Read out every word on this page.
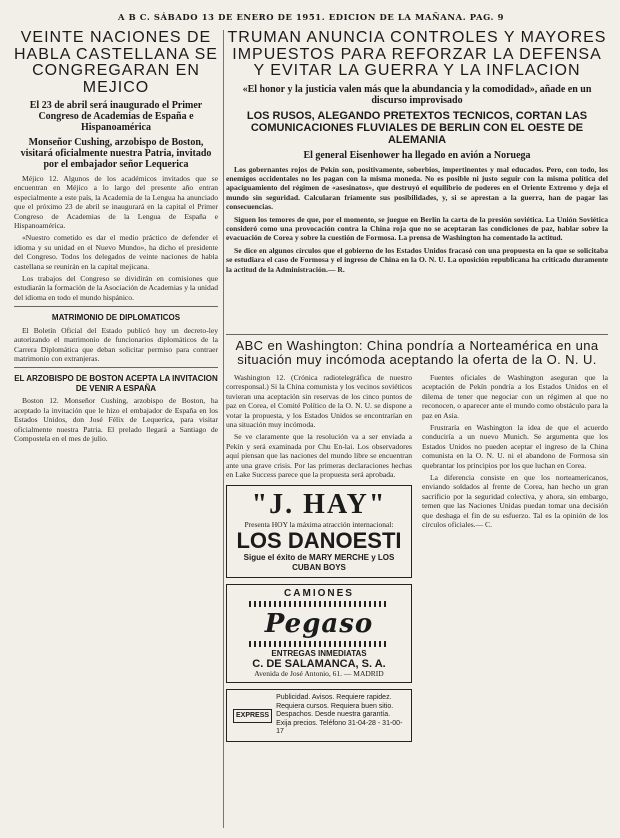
A B C. SÁBADO 13 DE ENERO DE 1951. EDICION DE LA MAÑANA. PAG. 9
VEINTE NACIONES DE HABLA CASTELLANA SE CONGREGARAN EN MEJICO
El 23 de abril será inaugurado el Primer Congreso de Academias de España e Hispanoamérica
Monseñor Cushing, arzobispo de Boston, visitará oficialmente nuestra Patria, invitado por el embajador señor Lequerica

Méjico 12. Algunos de los académicos invitados que se encuentran en Méjico a lo largo del presente año entran especialmente a este país, la Academia de la Lengua ha anunciado que el próximo 23 de abril se inaugurará en la capital el Primer Congreso de Academias de la Lengua de España e Hispanoamérica.

«Nuestro cometido es dar el medio práctico de defender el idioma y su unidad en el Nuevo Mundo», ha dicho el presidente del Congreso. Todos los delegados de veinte naciones de habla castellana se reunirán en la capital mejicana.

Los trabajos del Congreso se dividirán en comisiones que estudiarán la formación de la Asociación de Academias y la unidad del idioma en todo el mundo hispánico.

MATRIMONIO DE DIPLOMATICOS

El Boletín Oficial del Estado publicó hoy un decreto-ley autorizando el matrimonio de funcionarios diplomáticos de la Carrera Diplomática que deban solicitar permiso para contraer matrimonio con extranjeras.

EL ARZOBISPO DE BOSTON ACEPTA LA INVITACION DE VENIR A ESPAÑA

Boston 12. Monseñor Cushing, arzobispo de Boston, ha aceptado la invitación que le hizo el embajador de España en los Estados Unidos, don José Félix de Lequerica, para visitar oficialmente nuestra Patria. El prelado llegará a Santiago de Compostela en el mes de julio.

TRUMAN ANUNCIA CONTROLES Y MAYORES IMPUESTOS PARA REFORZAR LA DEFENSA Y EVITAR LA GUERRA Y LA INFLACION
«El honor y la justicia valen más que la abundancia y la comodidad», añade en un discurso improvisado
LOS RUSOS, ALEGANDO PRETEXTOS TECNICOS, CORTAN LAS COMUNICACIONES FLUVIALES DE BERLIN CON EL OESTE DE ALEMANIA
El general Eisenhower ha llegado en avión a Noruega

Los gobernantes rojos de Pekín son, positivamente, soberbios, impertinentes y mal educados. Pero, con todo, los enemigos occidentales no les pagan con la misma moneda. No es posible ni justo seguir con la misma política del apaciguamiento del régimen de «asesinatos», que destruyó el equilibrio de poderes en el Oriente Extremo y deja el mundo sin seguridad. Calcularan fríamente sus posibilidades, y, si se aprestan a la guerra, han de pagar las consecuencias.

Siguen los temores de que, por el momento, se juegue en Berlín la carta de la presión soviética. La Unión Soviética consideró como una provocación contra la China roja que no se aceptaran las condiciones de paz, hablar sobre la evacuación de Corea y sobre la cuestión de Formosa. La prensa de Washington ha comentado la actitud.

Se dice en algunos círculos que el gobierno de los Estados Unidos fracasó con una propuesta en la que se solicitaba se estudiara el caso de Formosa y el ingreso de China en la O. N. U. La oposición republicana ha criticado duramente la actitud de la Administración.— R.

ABC en Washington: China pondría a Norteamérica en una situación muy incómoda aceptando la oferta de la O. N. U.

Washington 12. (Crónica radiotelegráfica de nuestro corresponsal.) Si la China comunista y los vecinos soviéticos tuvieran una aceptación sin reservas de los cinco puntos de paz en Corea, el Comité Político de la O. N. U. se dispone a votar la propuesta, y los Estados Unidos se encontrarían en una situación muy incómoda.

Se ve claramente que la resolución va a ser enviada a Pekín y será examinada por Chu En-lai. Los observadores aquí piensan que las naciones del mundo libre se encuentran ante una grave crisis. Por las primeras declaraciones hechas en Lake Success parece que la propuesta será aprobada.

"J. HAY"
Presenta HOY la máxima atracción internacional:
LOS DANOESTI
Sigue el éxito de MARY MERCHE y LOS CUBAN BOYS
CAMIONES
Pegaso
ENTREGAS INMEDIATAS
C. DE SALAMANCA, S. A.
Avenida de José Antonio, 61. — MADRID
EXPRESS
Publicidad. Avisos. Requiere rapidez. Requiera cursos. Requiera buen sitio. Despachos. Desde nuestra garantía. Exija precios. Teléfono 31-04-28 - 31-00-17

Fuentes oficiales de Washington aseguran que la aceptación de Pekín pondría a los Estados Unidos en el dilema de tener que negociar con un régimen al que no reconocen, o aparecer ante el mundo como obstáculo para la paz en Asia.

Frustraría en Washington la idea de que el acuerdo conduciría a un nuevo Munich. Se argumenta que los Estados Unidos no pueden aceptar el ingreso de la China comunista en la O. N. U. ni el abandono de Formosa sin quebrantar los principios por los que luchan en Corea.

La diferencia consiste en que los norteamericanos, enviando soldados al frente de Corea, han hecho un gran sacrificio por la seguridad colectiva, y ahora, sin embargo, temen que las Naciones Unidas puedan tomar una decisión que deshaga el fin de su esfuerzo. Tal es la opinión de los círculos oficiales.— C.
